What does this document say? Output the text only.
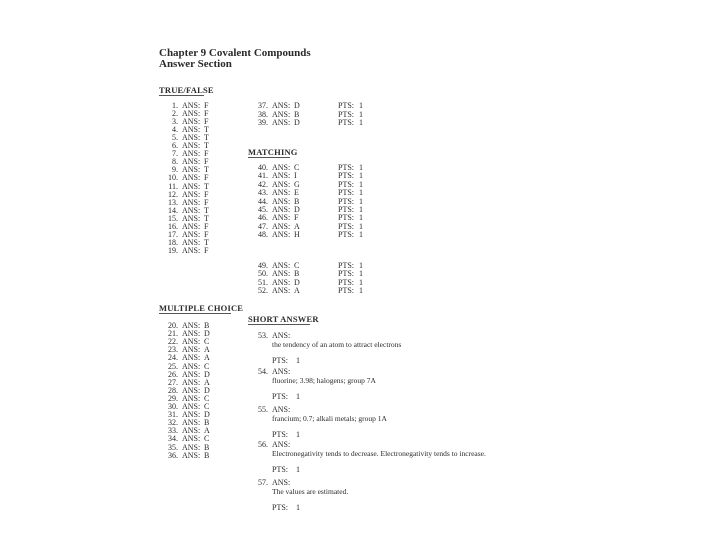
Chapter 9 Covalent Compounds
Answer Section
TRUE/FALSE
MATCHING
MULTIPLE CHOICE
SHORT ANSWER
1. ANS: F
2. ANS: F
3. ANS: F
4. ANS: T
5. ANS: T
6. ANS: T
7. ANS: F
8. ANS: F
9. ANS: T
10. ANS: F
11. ANS: T
12. ANS: F
13. ANS: F
14. ANS: T
15. ANS: T
16. ANS: F
17. ANS: F
18. ANS: T
19. ANS: F
20. ANS: B
21. ANS: D
22. ANS: C
23. ANS: A
24. ANS: A
25. ANS: C
26. ANS: D
27. ANS: A
28. ANS: D
29. ANS: C
30. ANS: C
31. ANS: D
32. ANS: B
33. ANS: A
34. ANS: C
35. ANS: B
36. ANS: B
37. ANS: D	PTS: 1
38. ANS: B	PTS: 1
39. ANS: D	PTS: 1
40. ANS: C	PTS: 1
41. ANS: I	PTS: 1
42. ANS: G	PTS: 1
43. ANS: E	PTS: 1
44. ANS: B	PTS: 1
45. ANS: D	PTS: 1
46. ANS: F	PTS: 1
47. ANS: A	PTS: 1
48. ANS: H	PTS: 1
49. ANS: C	PTS: 1
50. ANS: B	PTS: 1
51. ANS: D	PTS: 1
52. ANS: A	PTS: 1
53. ANS:
the tendency of an atom to attract electrons
PTS: 1
54. ANS:
fluorine; 3.98; halogens; group 7A
PTS: 1
55. ANS:
francium; 0.7; alkali metals; group 1A
PTS: 1
56. ANS:
Electronegativity tends to decrease. Electronegativity tends to increase.
PTS: 1
57. ANS:
The values are estimated.
PTS: 1
